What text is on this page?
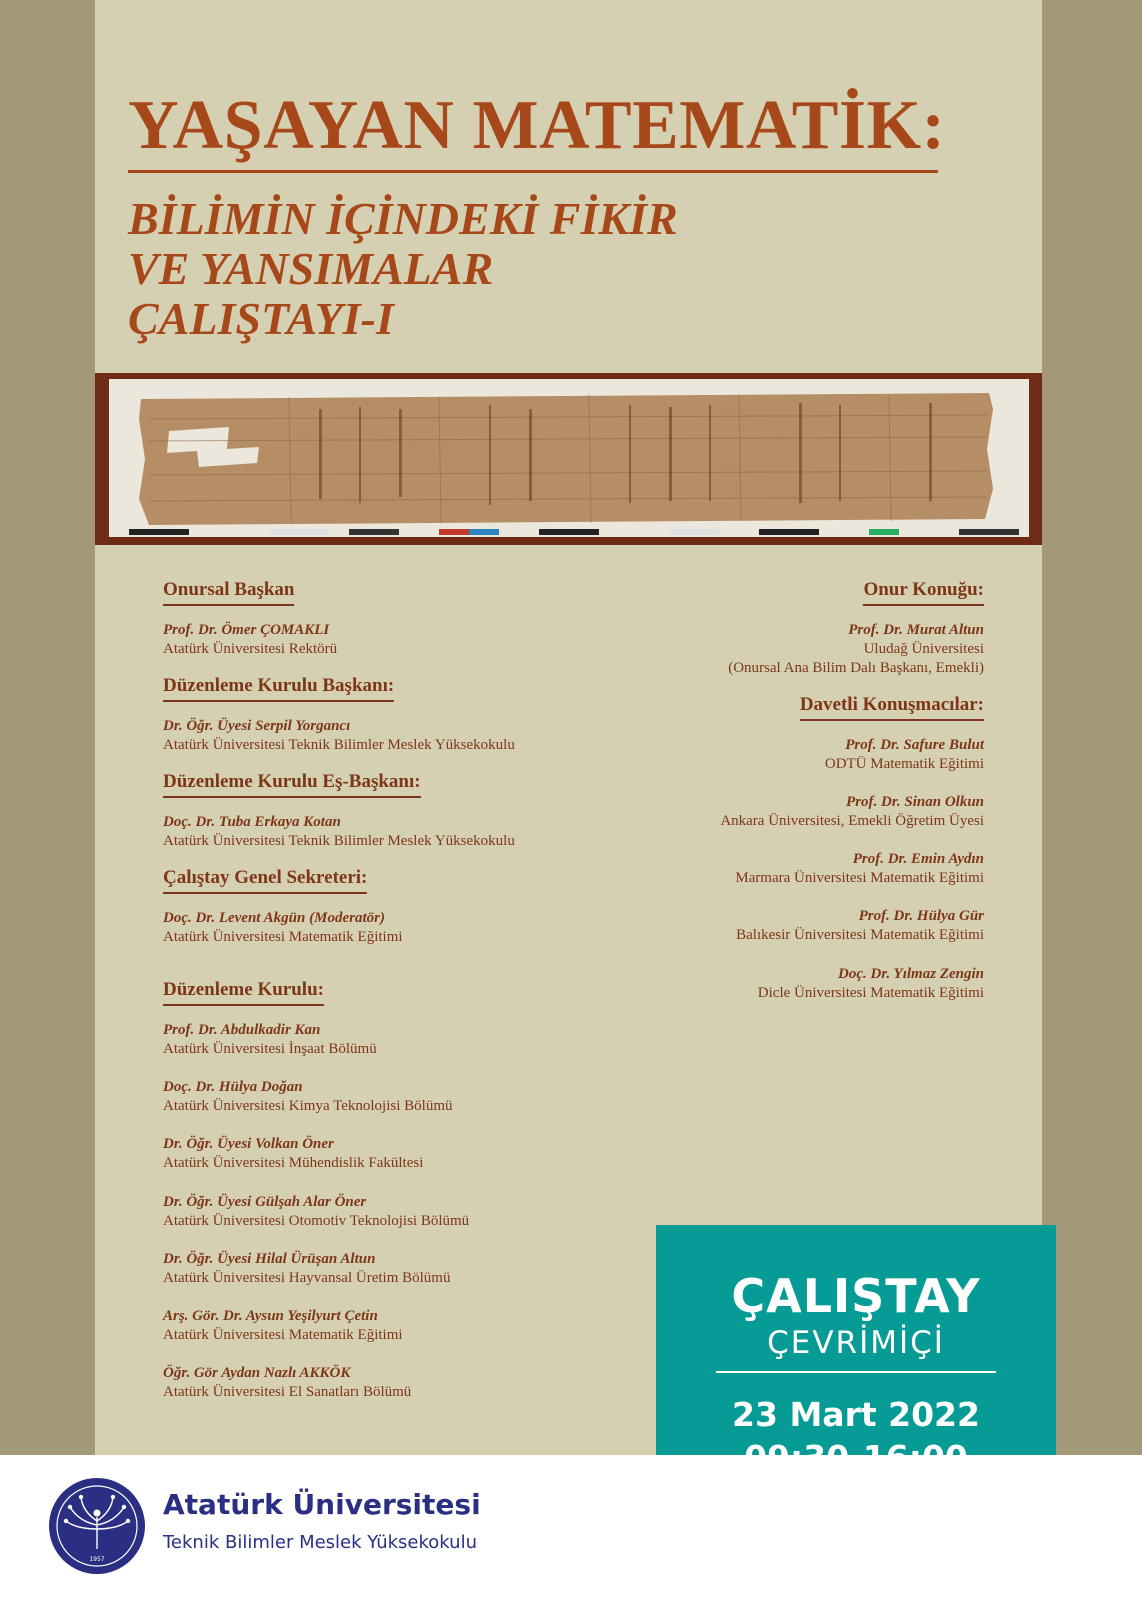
YAŞAYAN MATEMATİK:
BİLİMİN İÇİNDEKİ FİKİR
VE YANSIMALAR
ÇALIŞTAYI-I
Onursal Başkan
Prof. Dr. Ömer ÇOMAKLI
Atatürk Üniversitesi Rektörü
Düzenleme Kurulu Başkanı:
Dr. Öğr. Üyesi Serpil Yorgancı
Atatürk Üniversitesi Teknik Bilimler Meslek Yüksekokulu
Düzenleme Kurulu Eş-Başkanı:
Doç. Dr. Tuba Erkaya Kotan
Atatürk Üniversitesi Teknik Bilimler Meslek Yüksekokulu
Çalıştay Genel Sekreteri:
Doç. Dr. Levent Akgün (Moderatör)
Atatürk Üniversitesi Matematik Eğitimi
Düzenleme Kurulu:
Prof. Dr. Abdulkadir Kan
Atatürk Üniversitesi İnşaat Bölümü
Doç. Dr. Hülya Doğan
Atatürk Üniversitesi Kimya Teknolojisi Bölümü
Dr. Öğr. Üyesi Volkan Öner
Atatürk Üniversitesi Mühendislik Fakültesi
Dr. Öğr. Üyesi Gülşah Alar Öner
Atatürk Üniversitesi Otomotiv Teknolojisi Bölümü
Dr. Öğr. Üyesi Hilal Ürüşan Altun
Atatürk Üniversitesi Hayvansal Üretim Bölümü
Arş. Gör. Dr. Aysun Yeşilyurt Çetin
Atatürk Üniversitesi Matematik Eğitimi
Öğr. Gör Aydan Nazlı AKKÖK
Atatürk Üniversitesi El Sanatları Bölümü
Onur Konuğu:
Prof. Dr. Murat Altun
Uludağ Üniversitesi
(Onursal Ana Bilim Dalı Başkanı, Emekli)
Davetli Konuşmacılar:
Prof. Dr. Safure Bulut
ODTÜ Matematik Eğitimi
Prof. Dr. Sinan Olkun
Ankara Üniversitesi, Emekli Öğretim Üyesi
Prof. Dr. Emin Aydın
Marmara Üniversitesi Matematik Eğitimi
Prof. Dr. Hülya Gür
Balıkesir Üniversitesi Matematik Eğitimi
Doç. Dr. Yılmaz Zengin
Dicle Üniversitesi Matematik Eğitimi
ÇALIŞTAY
ÇEVRİMİÇİ
23 Mart 2022
1957
Atatürk Üniversitesi
Teknik Bilimler Meslek Yüksekokulu
